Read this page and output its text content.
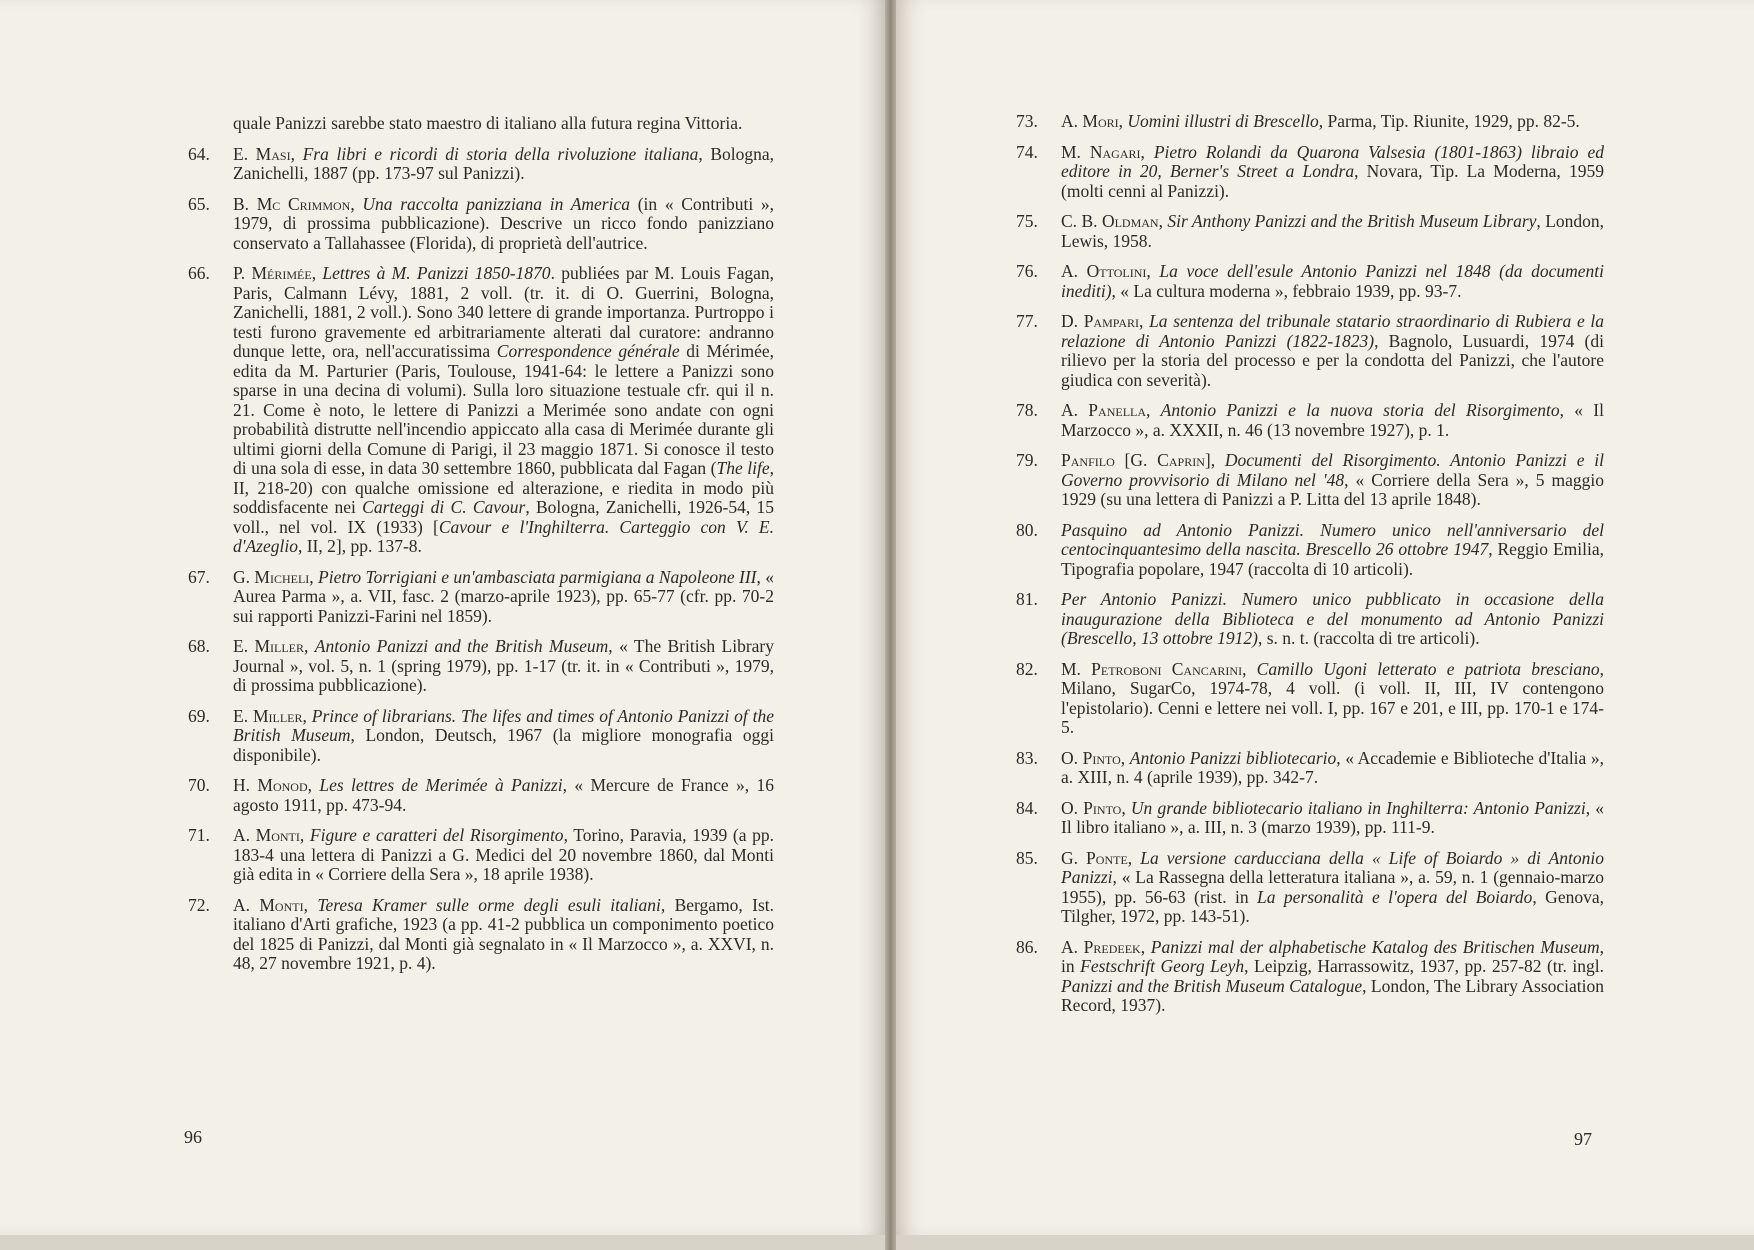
quale Panizzi sarebbe stato maestro di italiano alla futura regina Vittoria.
64.	E. Masi, Fra libri e ricordi di storia della rivoluzione italiana, Bologna, Zanichelli, 1887 (pp. 173-97 sul Panizzi).
65.	B. Mc Crimmon, Una raccolta panizziana in America (in « Contributi », 1979, di prossima pubblicazione). Descrive un ricco fondo panizziano conservato a Tallahassee (Florida), di proprietà dell'autrice.
66.	P. Mérimée, Lettres à M. Panizzi 1850-1870. publiées par M. Louis Fagan, Paris, Calmann Lévy, 1881, 2 voll. (tr. it. di O. Guerrini, Bologna, Zanichelli, 1881, 2 voll.). Sono 340 lettere di grande importanza. Purtroppo i testi furono gravemente ed arbitrariamente alterati dal curatore: andranno dunque lette, ora, nell'accuratissima Correspondence générale di Mérimée, edita da M. Parturier (Paris, Toulouse, 1941-64: le lettere a Panizzi sono sparse in una decina di volumi). Sulla loro situazione testuale cfr. qui il n. 21. Come è noto, le lettere di Panizzi a Merimée sono andate con ogni probabilità distrutte nell'incendio appiccato alla casa di Merimée durante gli ultimi giorni della Comune di Parigi, il 23 maggio 1871. Si conosce il testo di una sola di esse, in data 30 settembre 1860, pubblicata dal Fagan (The life, II, 218-20) con qualche omissione ed alterazione, e riedita in modo più soddisfacente nei Carteggi di C. Cavour, Bologna, Zanichelli, 1926-54, 15 voll., nel vol. IX (1933) [Cavour e l'Inghilterra. Carteggio con V. E. d'Azeglio, II, 2], pp. 137-8.
67.	G. Micheli, Pietro Torrigiani e un'ambasciata parmigiana a Napoleone III, « Aurea Parma », a. VII, fasc. 2 (marzo-aprile 1923), pp. 65-77 (cfr. pp. 70-2 sui rapporti Panizzi-Farini nel 1859).
68.	E. Miller, Antonio Panizzi and the British Museum, « The British Library Journal », vol. 5, n. 1 (spring 1979), pp. 1-17 (tr. it. in « Contributi », 1979, di prossima pubblicazione).
69.	E. Miller, Prince of librarians. The lifes and times of Antonio Panizzi of the British Museum, London, Deutsch, 1967 (la migliore monografia oggi disponibile).
70.	H. Monod, Les lettres de Merimée à Panizzi, « Mercure de France », 16 agosto 1911, pp. 473-94.
71.	A. Monti, Figure e caratteri del Risorgimento, Torino, Paravia, 1939 (a pp. 183-4 una lettera di Panizzi a G. Medici del 20 novembre 1860, dal Monti già edita in « Corriere della Sera », 18 aprile 1938).
72.	A. Monti, Teresa Kramer sulle orme degli esuli italiani, Bergamo, Ist. italiano d'Arti grafiche, 1923 (a pp. 41-2 pubblica un componimento poetico del 1825 di Panizzi, dal Monti già segnalato in « Il Marzocco », a. XXVI, n. 48, 27 novembre 1921, p. 4).
96
73.	A. Mori, Uomini illustri di Brescello, Parma, Tip. Riunite, 1929, pp. 82-5.
74.	M. Nagari, Pietro Rolandi da Quarona Valsesia (1801-1863) libraio ed editore in 20, Berner's Street a Londra, Novara, Tip. La Moderna, 1959 (molti cenni al Panizzi).
75.	C. B. Oldman, Sir Anthony Panizzi and the British Museum Library, London, Lewis, 1958.
76.	A. Ottolini, La voce dell'esule Antonio Panizzi nel 1848 (da documenti inediti), « La cultura moderna », febbraio 1939, pp. 93-7.
77.	D. Pampari, La sentenza del tribunale statario straordinario di Rubiera e la relazione di Antonio Panizzi (1822-1823), Bagnolo, Lusuardi, 1974 (di rilievo per la storia del processo e per la condotta del Panizzi, che l'autore giudica con severità).
78.	A. Panella, Antonio Panizzi e la nuova storia del Risorgimento, « Il Marzocco », a. XXXII, n. 46 (13 novembre 1927), p. 1.
79.	Panfilo [G. Caprin], Documenti del Risorgimento. Antonio Panizzi e il Governo provvisorio di Milano nel '48, « Corriere della Sera », 5 maggio 1929 (su una lettera di Panizzi a P. Litta del 13 aprile 1848).
80.	Pasquino ad Antonio Panizzi. Numero unico nell'anniversario del centocinquantesimo della nascita. Brescello 26 ottobre 1947, Reggio Emilia, Tipografia popolare, 1947 (raccolta di 10 articoli).
81.	Per Antonio Panizzi. Numero unico pubblicato in occasione della inaugurazione della Biblioteca e del monumento ad Antonio Panizzi (Brescello, 13 ottobre 1912), s. n. t. (raccolta di tre articoli).
82.	M. Petroboni Cancarini, Camillo Ugoni letterato e patriota bresciano, Milano, SugarCo, 1974-78, 4 voll. (i voll. II, III, IV contengono l'epistolario). Cenni e lettere nei voll. I, pp. 167 e 201, e III, pp. 170-1 e 174-5.
83.	O. Pinto, Antonio Panizzi bibliotecario, « Accademie e Biblioteche d'Italia », a. XIII, n. 4 (aprile 1939), pp. 342-7.
84.	O. Pinto, Un grande bibliotecario italiano in Inghilterra: Antonio Panizzi, « Il libro italiano », a. III, n. 3 (marzo 1939), pp. 111-9.
85.	G. Ponte, La versione carducciana della « Life of Boiardo » di Antonio Panizzi, « La Rassegna della letteratura italiana », a. 59, n. 1 (gennaio-marzo 1955), pp. 56-63 (rist. in La personalità e l'opera del Boiardo, Genova, Tilgher, 1972, pp. 143-51).
86.	A. Predeek, Panizzi mal der alphabetische Katalog des Britischen Museum, in Festschrift Georg Leyh, Leipzig, Harrassowitz, 1937, pp. 257-82 (tr. ingl. Panizzi and the British Museum Catalogue, London, The Library Association Record, 1937).
97
